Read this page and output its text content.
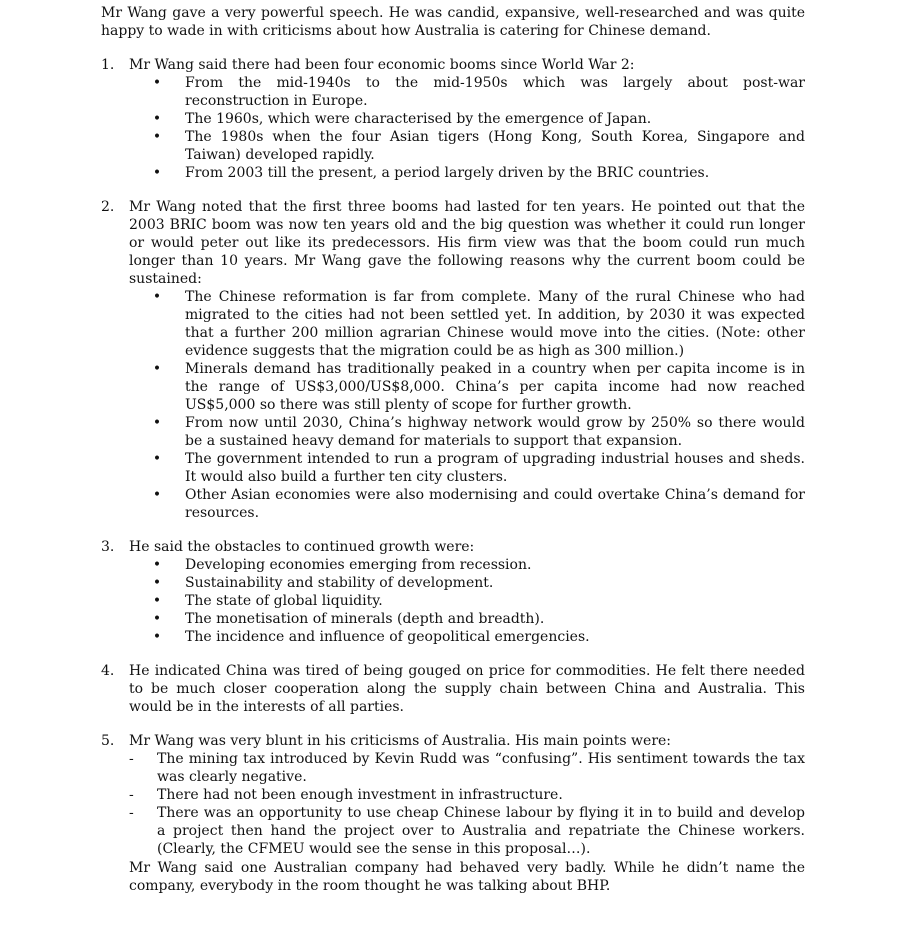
Mr Wang gave a very powerful speech. He was candid, expansive, well-researched and was quite happy to wade in with criticisms about how Australia is catering for Chinese demand.

1.	Mr Wang said there had been four economic booms since World War 2:

•	From the mid-1940s to the mid-1950s which was largely about post-war reconstruction in Europe.
•	The 1960s, which were characterised by the emergence of Japan.
•	The 1980s when the four Asian tigers (Hong Kong, South Korea, Singapore and Taiwan) developed rapidly.
•	From 2003 till the present, a period largely driven by the BRIC countries.
2.	Mr Wang noted that the first three booms had lasted for ten years. He pointed out that the 2003 BRIC boom was now ten years old and the big question was whether it could run longer or would peter out like its predecessors. His firm view was that the boom could run much longer than 10 years. Mr Wang gave the following reasons why the current boom could be sustained:

•	The Chinese reformation is far from complete. Many of the rural Chinese who had migrated to the cities had not been settled yet. In addition, by 2030 it was expected that a further 200 million agrarian Chinese would move into the cities. (Note: other evidence suggests that the migration could be as high as 300 million.)
•	Minerals demand has traditionally peaked in a country when per capita income is in the range of US$3,000/US$8,000. China’s per capita income had now reached US$5,000 so there was still plenty of scope for further growth.
•	From now until 2030, China’s highway network would grow by 250% so there would be a sustained heavy demand for materials to support that expansion.
•	The government intended to run a program of upgrading industrial houses and sheds. It would also build a further ten city clusters.
•	Other Asian economies were also modernising and could overtake China’s demand for resources.
3.	He said the obstacles to continued growth were:

•	Developing economies emerging from recession.
•	Sustainability and stability of development.
•	The state of global liquidity.
•	The monetisation of minerals (depth and breadth).
•	The incidence and influence of geopolitical emergencies.
4.	He indicated China was tired of being gouged on price for commodities. He felt there needed to be much closer cooperation along the supply chain between China and Australia. This would be in the interests of all parties.

5.	Mr Wang was very blunt in his criticisms of Australia. His main points were:

-	The mining tax introduced by Kevin Rudd was “confusing”. His sentiment towards the tax was clearly negative.
-	There had not been enough investment in infrastructure.
-	There was an opportunity to use cheap Chinese labour by flying it in to build and develop a project then hand the project over to Australia and repatriate the Chinese workers. (Clearly, the CFMEU would see the sense in this proposal…).

Mr Wang said one Australian company had behaved very badly. While he didn’t name the company, everybody in the room thought he was talking about BHP.
